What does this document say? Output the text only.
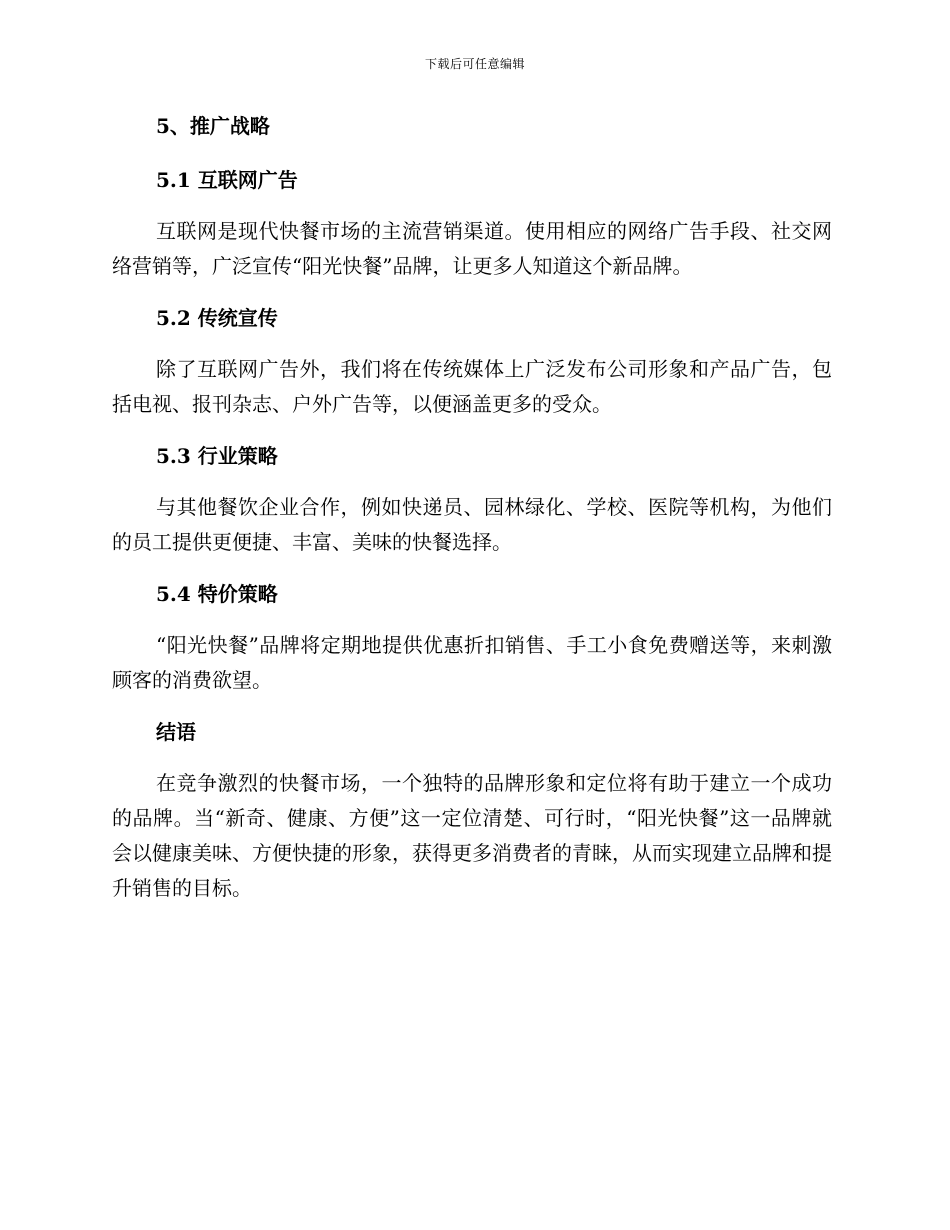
下载后可任意编辑
5、推广战略
5.1 互联网广告

互联网是现代快餐市场的主流营销渠道。使用相应的网络广告手段、社交网络营销等，广泛宣传“阳光快餐”品牌，让更多人知道这个新品牌。

5.2 传统宣传

除了互联网广告外，我们将在传统媒体上广泛发布公司形象和产品广告，包括电视、报刊杂志、户外广告等，以便涵盖更多的受众。

5.3 行业策略

与其他餐饮企业合作，例如快递员、园林绿化、学校、医院等机构，为他们的员工提供更便捷、丰富、美味的快餐选择。

5.4 特价策略

“阳光快餐”品牌将定期地提供优惠折扣销售、手工小食免费赠送等，来刺激顾客的消费欲望。

结语

在竞争激烈的快餐市场，一个独特的品牌形象和定位将有助于建立一个成功的品牌。当“新奇、健康、方便”这一定位清楚、可行时，“阳光快餐”这一品牌就会以健康美味、方便快捷的形象，获得更多消费者的青睐，从而实现建立品牌和提升销售的目标。
